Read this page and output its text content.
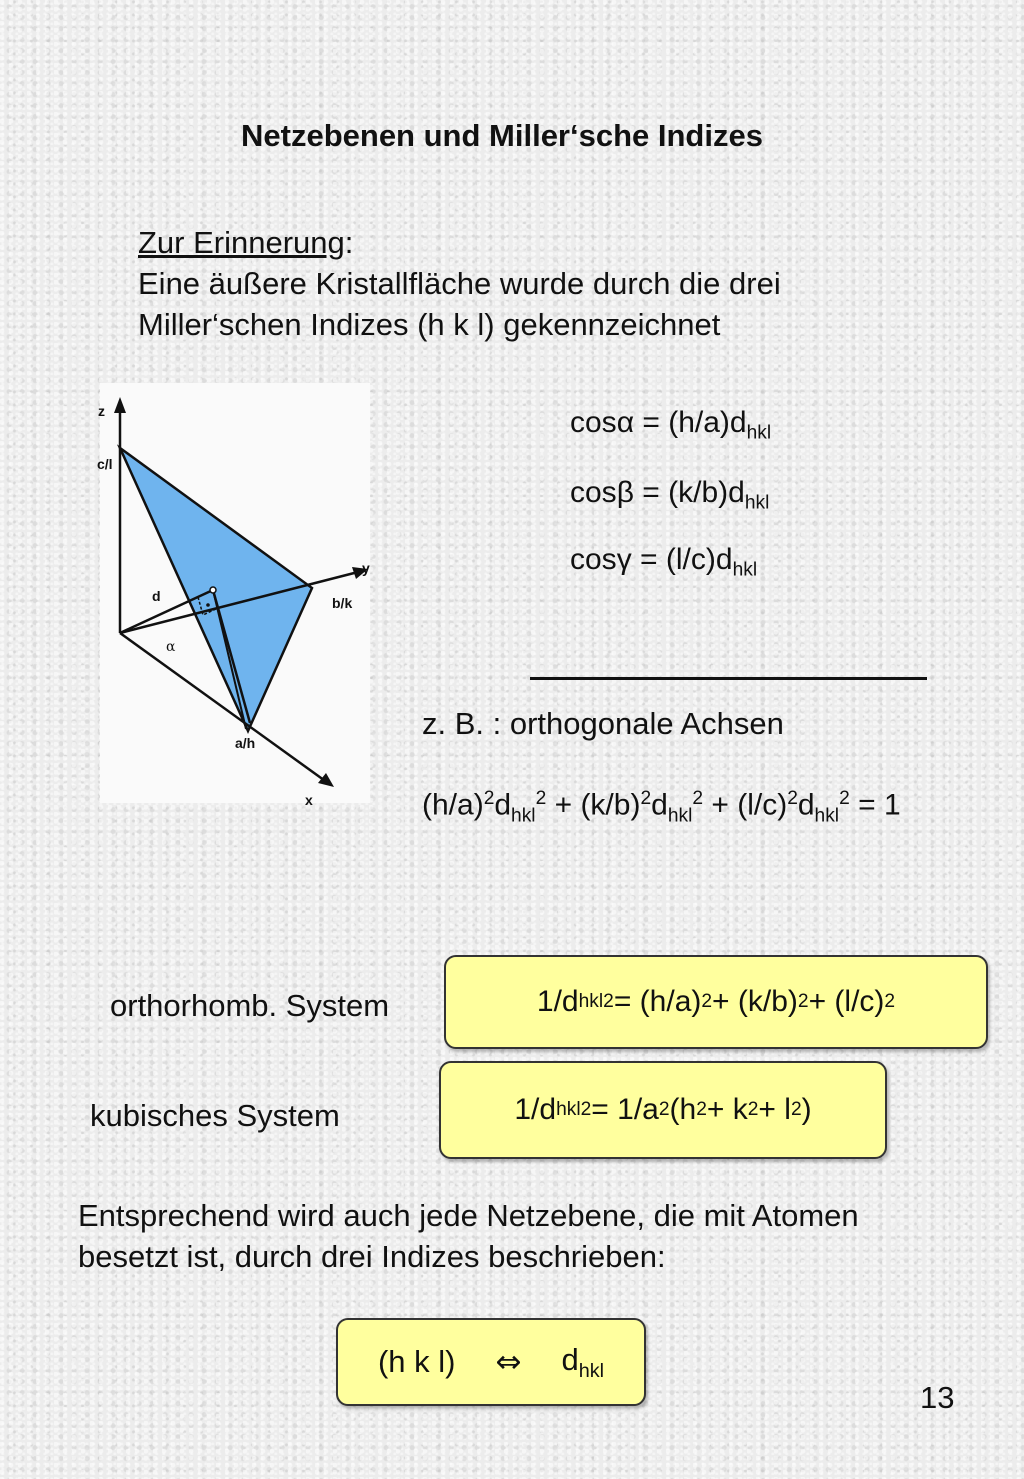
Netzebenen und Miller‘sche Indizes
Zur Erinnerung:
Eine äußere Kristallfläche wurde durch die drei
Miller‘schen Indizes (h k l) gekennzeichnet
z
c/l
y
b/k
d
α
a/h
x
$\cos\alpha = (h/a)d_{hkl}$
$\cos\beta = (k/b)d_{hkl}$
$\cos\gamma = (l/c)d_{hkl}$
z. B. : orthogonale Achsen
$(h/a)^2d_{hkl}^2 + (k/b)^2d_{hkl}^2 + (l/c)^2d_{hkl}^2 = 1$
orthorhomb. System	1/d hkl 2 = (h/a) 2 + (k/b) 2 + (l/c) 2
kubisches System	1/d hkl 2 = 1/a 2 (h 2 + k 2 + l 2 )
Entsprechend wird auch jede Netzebene, die mit Atomen
besetzt ist, durch drei Indizes beschrieben:
(h k l) ⇔ $d_{hkl}$
13
